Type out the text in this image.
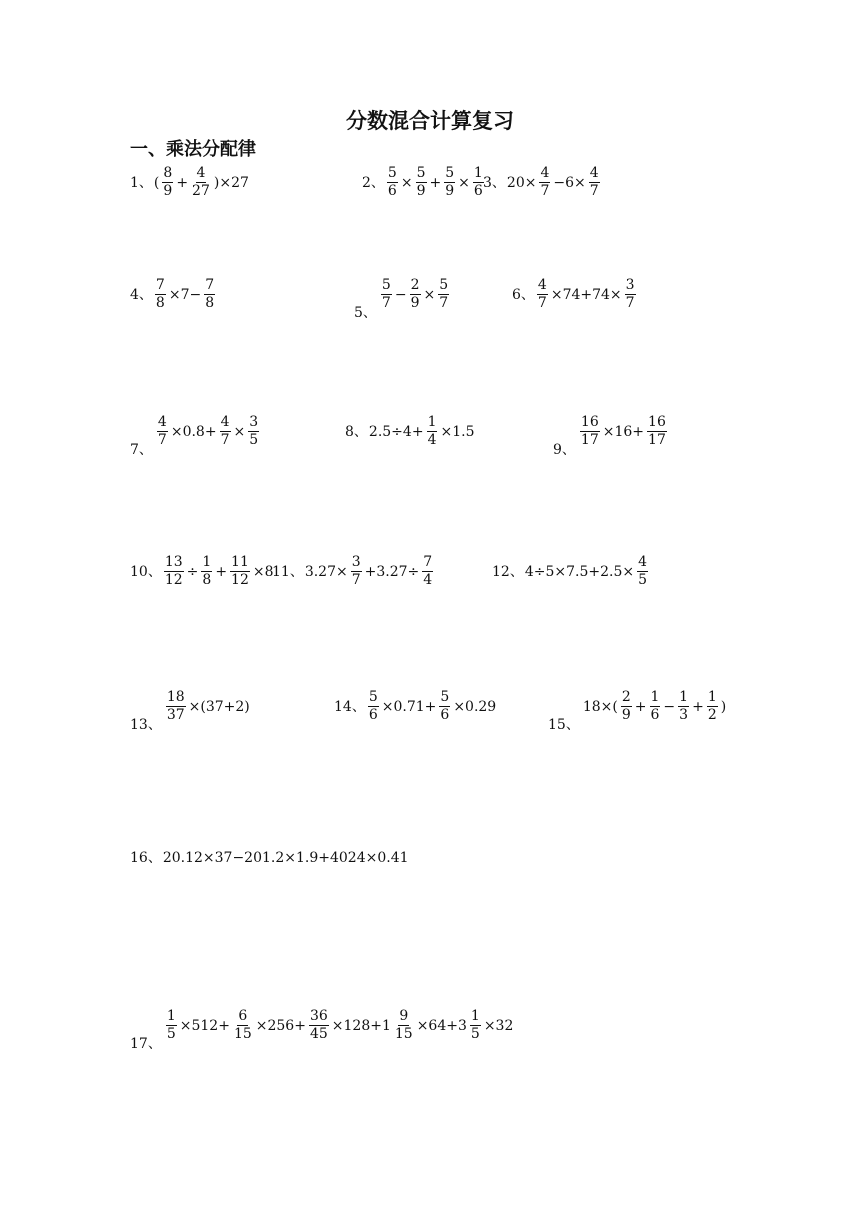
分数混合计算复习
一、乘法分配律
1、 ( $\frac{8}{9} + \frac{4}{27} )\times 27$	2、 $\frac{5}{6} \times \frac{5}{9} + \frac{5}{9} \times \frac{1}{6} 3$、 $20\times \frac{4}{7} -6\times \frac{4}{7}$
4、 $\frac{7}{8} \times 7- \frac{7}{8}$
5、
$\frac{5}{7} - \frac{2}{9} \times \frac{5}{7}$	6、 $\frac{4}{7} \times 74+74\times \frac{3}{7}$
7、
$\frac{4}{7} \times 0.8+ \frac{4}{7} \times \frac{3}{5}$	8、 $2.5\div 4+ \frac{1}{4} \times 1.5$
9、
$\frac{16}{17} \times 16+ \frac{16}{17}$
10、 $\frac{13}{12} \div \frac{1}{8} + \frac{11}{12} \times 8$
11、 $3.27\times \frac{3}{7} +3.27\div \frac{7}{4}$	12、 $4\div 5\times 7.5+2.5\times \frac{4}{5}$
13、
$\frac{18}{37} \times(37+2)$	14、 $\frac{5}{6} \times 0.71+ \frac{5}{6} \times 0.29$
15、
$18\times( \frac{2}{9} + \frac{1}{6} - \frac{1}{3} + \frac{1}{2}$ )
16、 20.12×37−201.2×1.9+4024×0.41
17、
$\frac{1}{5} \times 512+ \frac{6}{15} \times 256+ \frac{36}{45} \times 128+1 \frac{9}{15} \times 64+3 \frac{1}{5} \times 32$
